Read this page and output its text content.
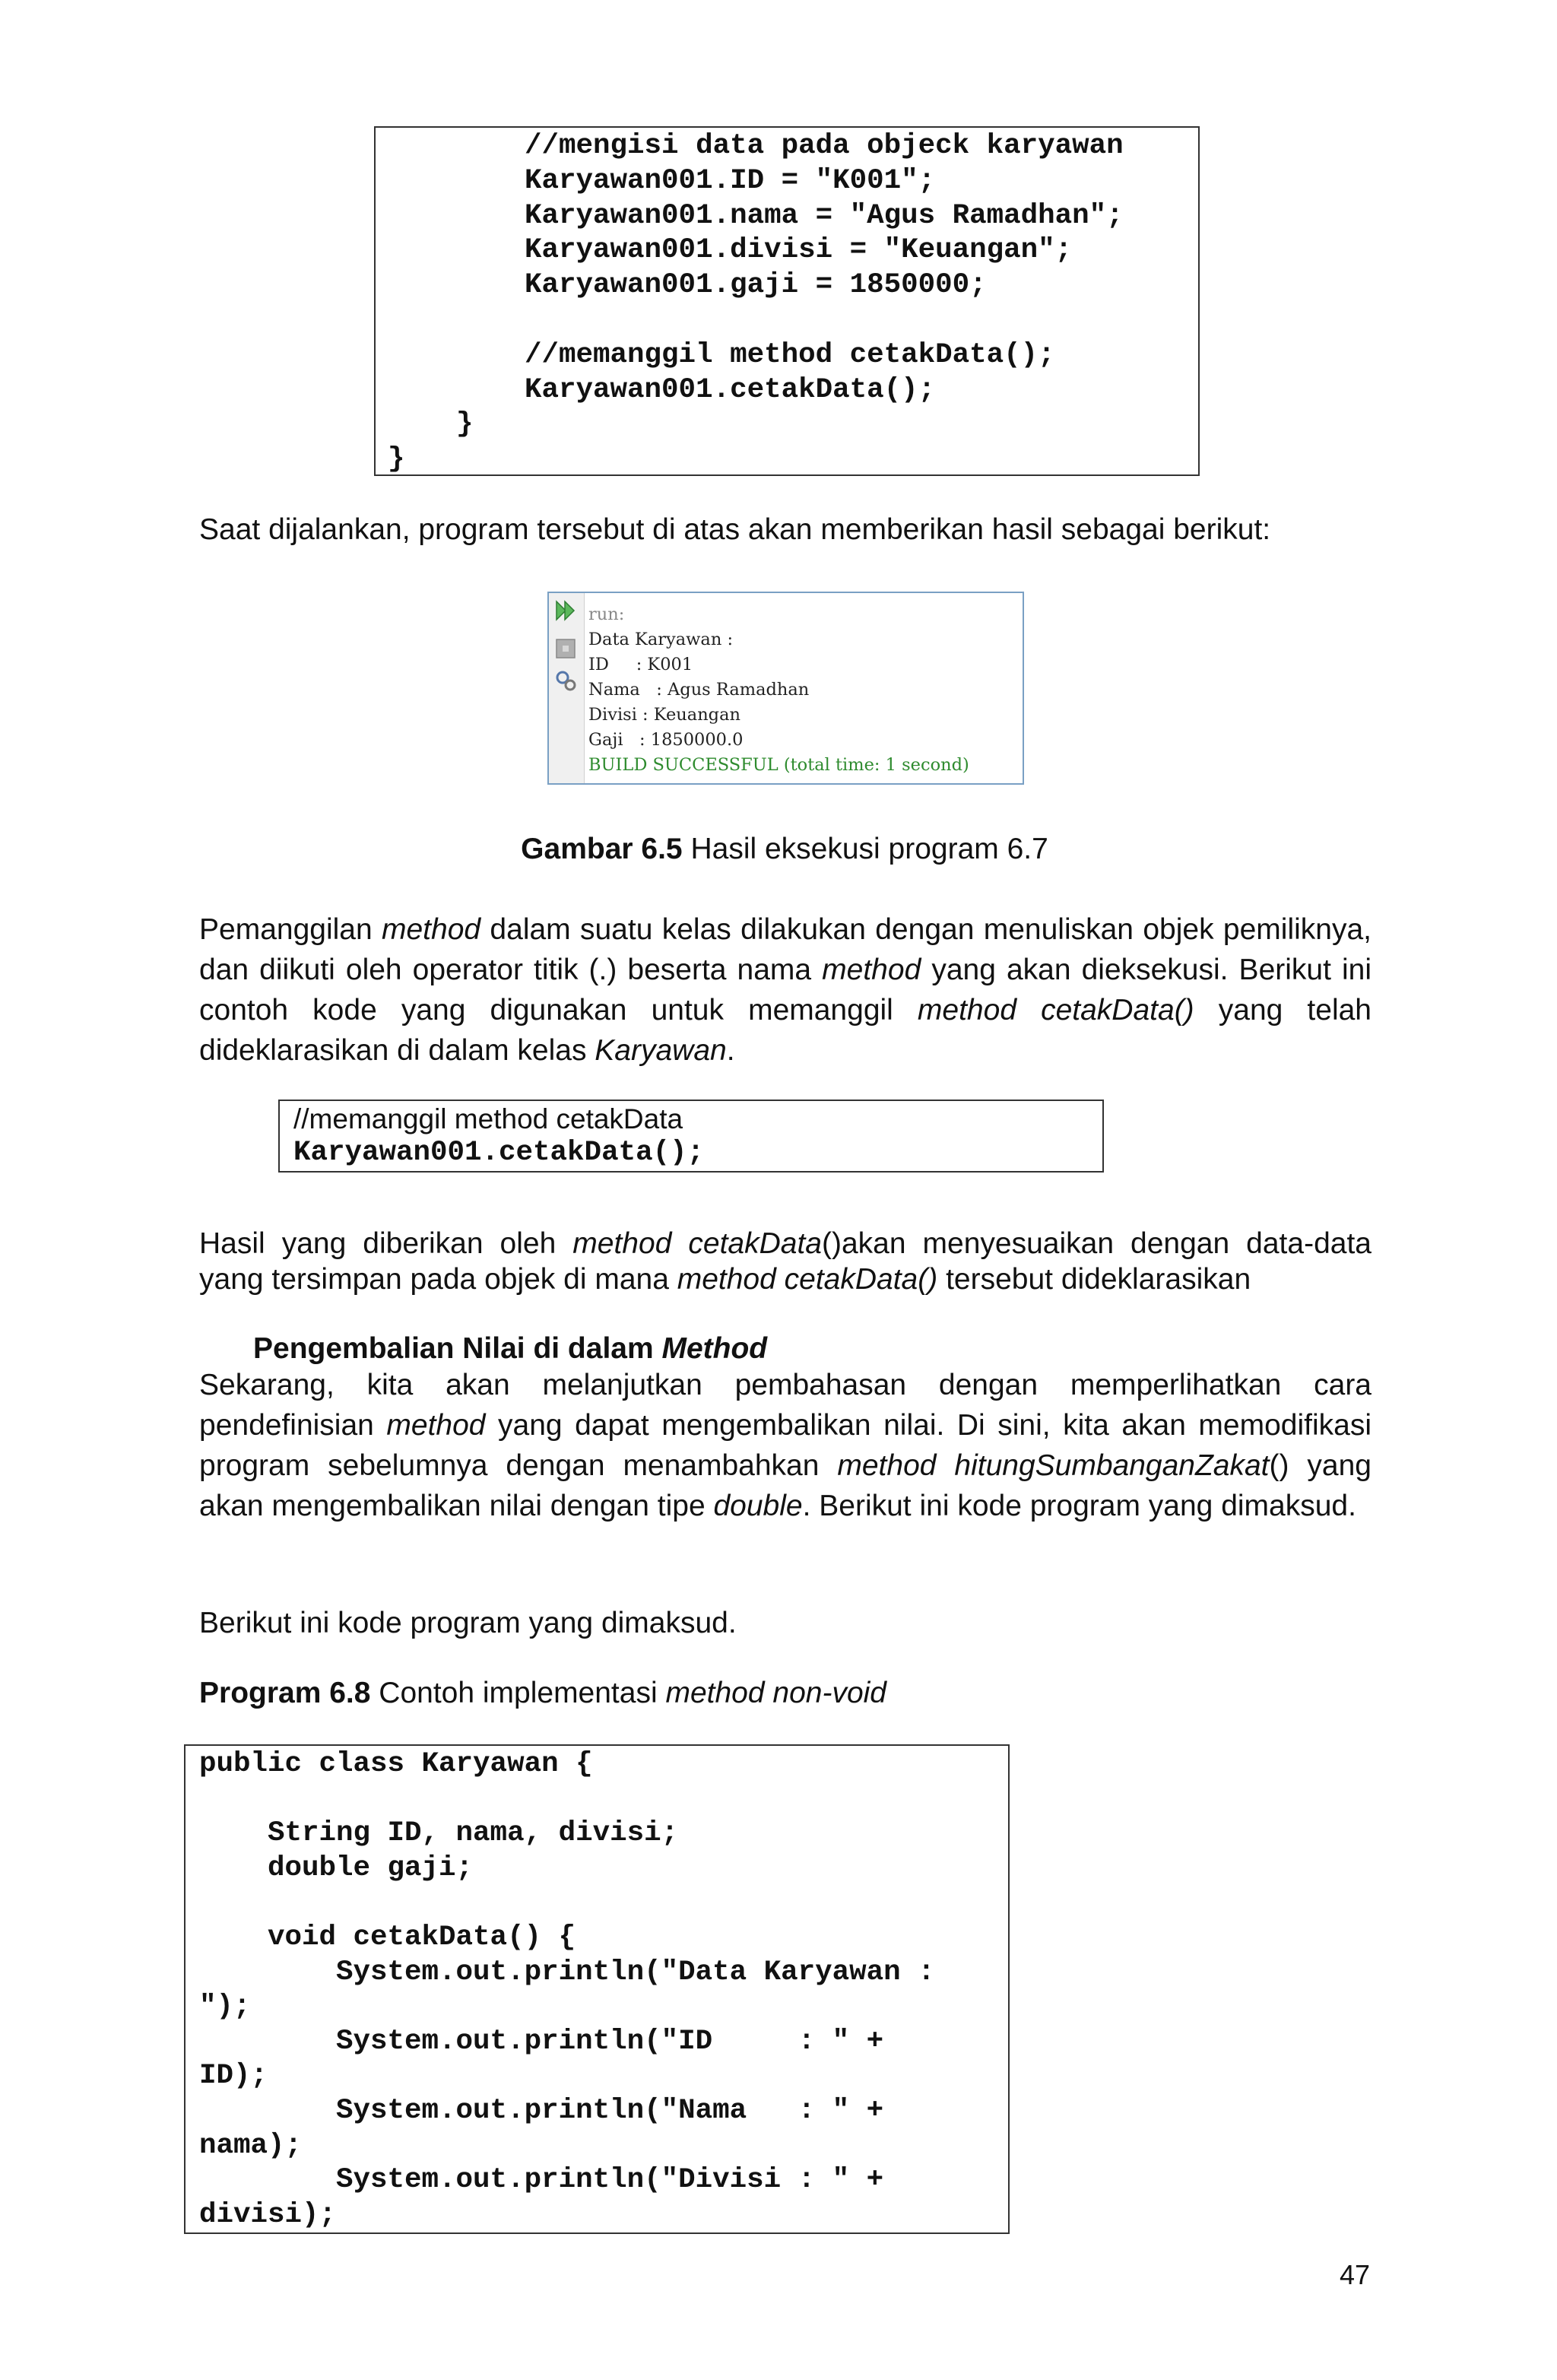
//mengisi data pada objeck karyawan
Karyawan001.ID = "K001";
Karyawan001.nama = "Agus Ramadhan";
Karyawan001.divisi = "Keuangan";
Karyawan001.gaji = 1850000;

//memanggil method cetakData();
Karyawan001.cetakData();
}
}
Saat dijalankan, program tersebut di atas akan memberikan hasil sebagai berikut:
run:
Data Karyawan :
ID     : K001
Nama   : Agus Ramadhan
Divisi : Keuangan
Gaji   : 1850000.0
BUILD SUCCESSFUL (total time: 1 second)
Gambar 6.5 Hasil eksekusi program 6.7
Pemanggilan method dalam suatu kelas dilakukan dengan menuliskan objek pemiliknya, dan diikuti oleh operator titik (.) beserta nama method yang akan dieksekusi. Berikut ini contoh kode yang digunakan untuk memanggil method cetakData() yang telah dideklarasikan di dalam kelas Karyawan.
//memanggil method cetakData
Karyawan001.cetakData();
Hasil yang diberikan oleh method cetakData()akan menyesuaikan dengan data-data yang tersimpan pada objek di mana method cetakData() tersebut dideklarasikan
Pengembalian Nilai di dalam Method
Sekarang, kita akan melanjutkan pembahasan dengan memperlihatkan cara pendefinisian method yang dapat mengembalikan nilai. Di sini, kita akan memodifikasi program sebelumnya dengan menambahkan method hitungSumbanganZakat() yang akan mengembalikan nilai dengan tipe double. Berikut ini kode program yang dimaksud.
Berikut ini kode program yang dimaksud.
Program 6.8 Contoh implementasi method non-void
public class Karyawan {

String ID, nama, divisi;
double gaji;

void cetakData() {
System.out.println("Data Karyawan :
");
System.out.println("ID     : " +
ID);
System.out.println("Nama   : " +
nama);
System.out.println("Divisi : " +
divisi);
47
